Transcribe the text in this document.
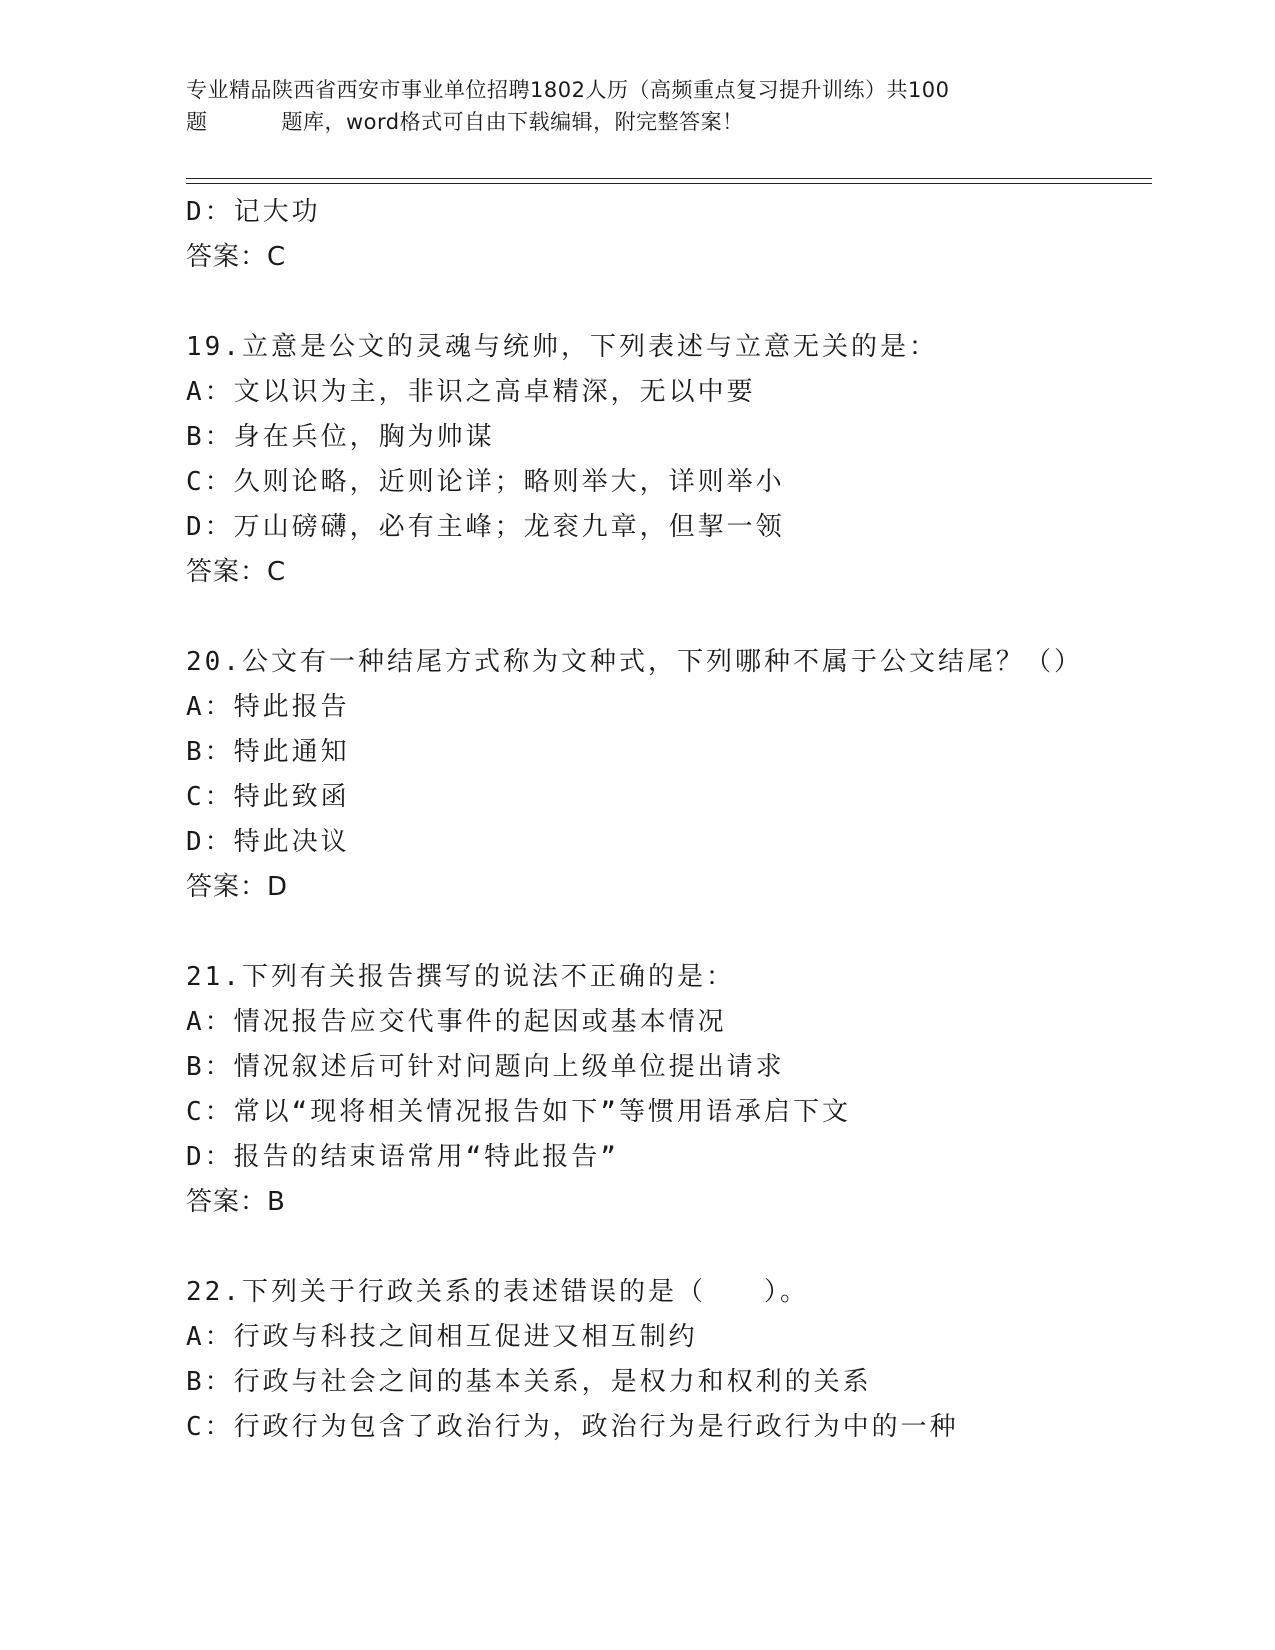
专业精品陕西省西安市事业单位招聘1802人历（高频重点复习提升训练）共100
题	题库，word格式可自由下载编辑，附完整答案！
D：记大功
答案：C
19.立意是公文的灵魂与统帅，下列表述与立意无关的是：
A：文以识为主，非识之高卓精深，无以中要
B：身在兵位，胸为帅谋
C：久则论略，近则论详；略则举大，详则举小
D：万山磅礴，必有主峰；龙衮九章，但挈一领
答案：C
20.公文有一种结尾方式称为文种式，下列哪种不属于公文结尾？（）
A：特此报告
B：特此通知
C：特此致函
D：特此决议
答案：D
21.下列有关报告撰写的说法不正确的是：
A：情况报告应交代事件的起因或基本情况
B：情况叙述后可针对问题向上级单位提出请求
C：常以“现将相关情况报告如下”等惯用语承启下文
D：报告的结束语常用“特此报告”
答案：B
22.下列关于行政关系的表述错误的是（　　）。
A：行政与科技之间相互促进又相互制约
B：行政与社会之间的基本关系，是权力和权利的关系
C：行政行为包含了政治行为，政治行为是行政行为中的一种
